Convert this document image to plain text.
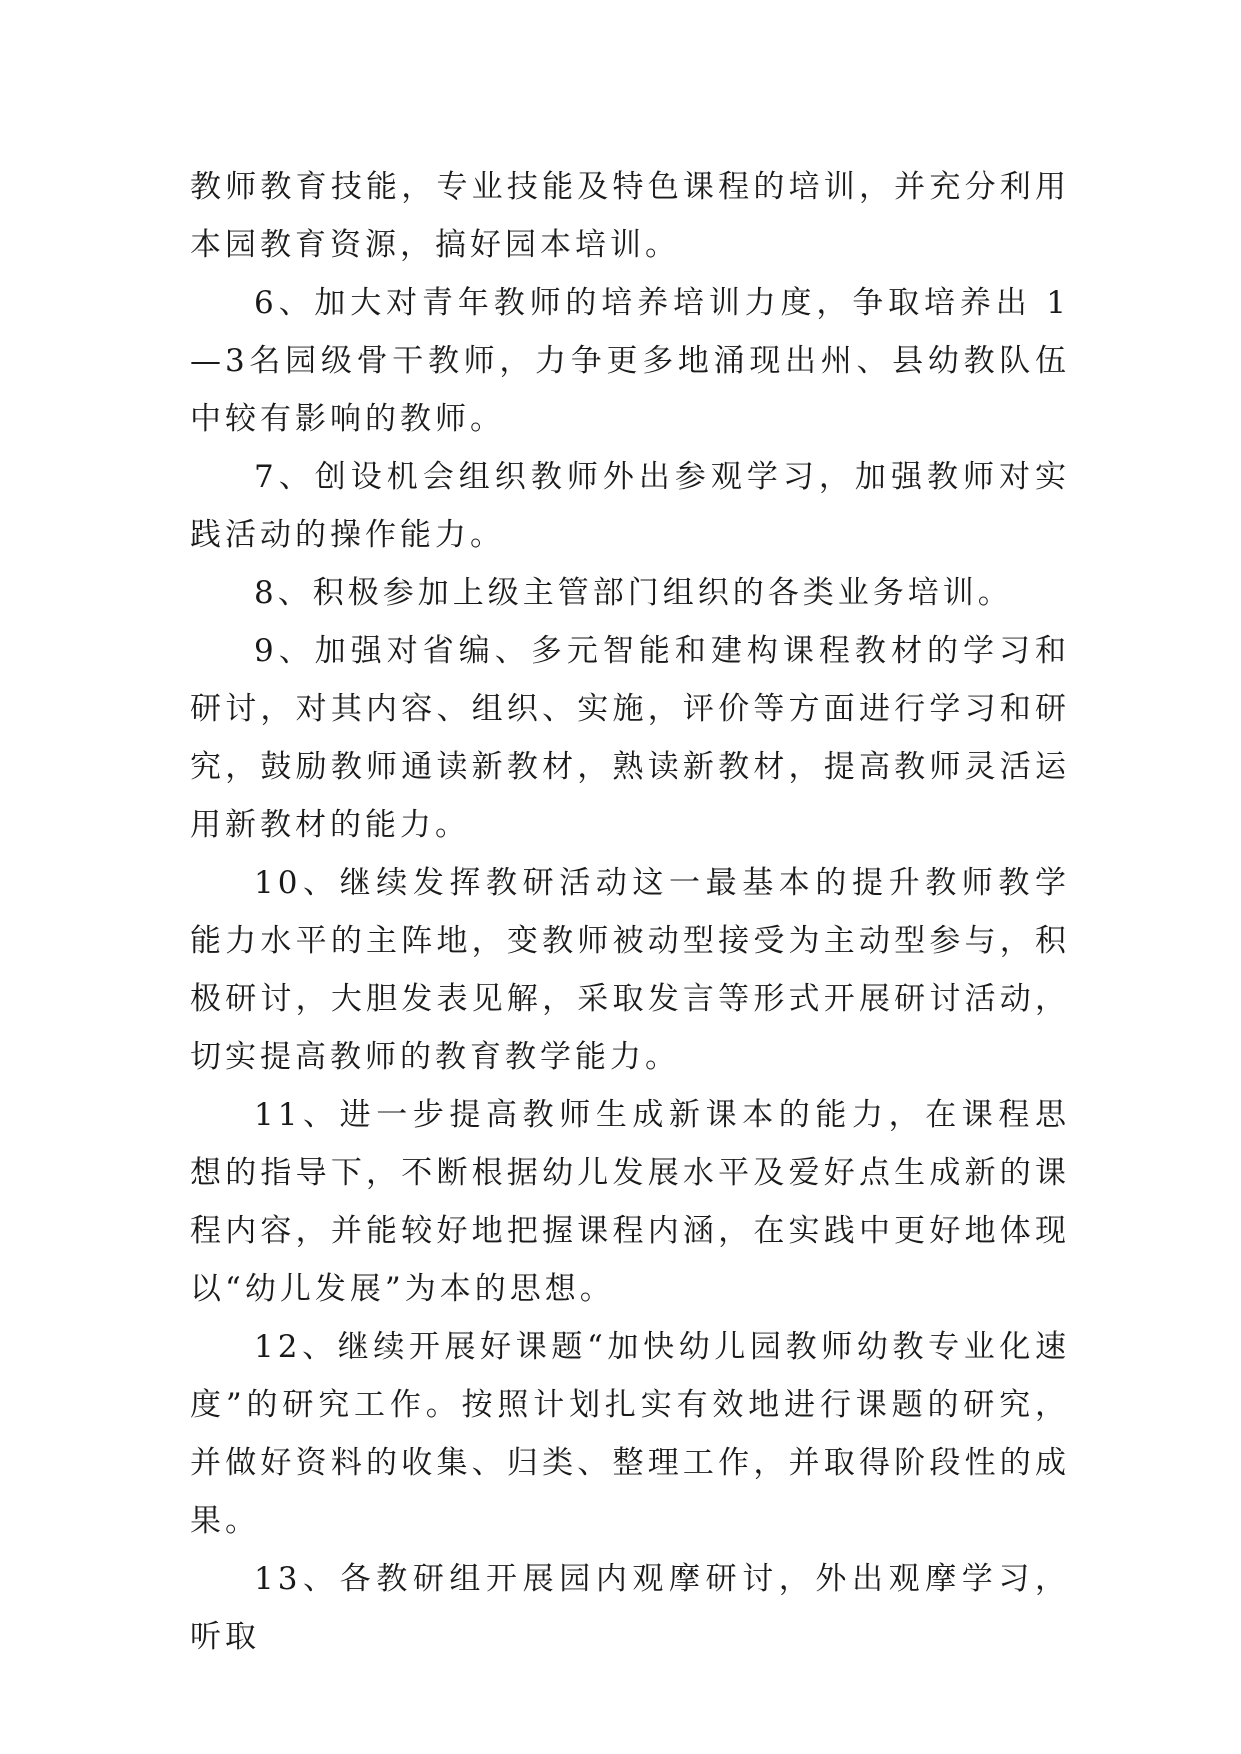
教师教育技能，专业技能及特色课程的培训，并充分利用本园教育资源，搞好园本培训。

6、加大对青年教师的培养培训力度，争取培养出 1—3名园级骨干教师，力争更多地涌现出州、县幼教队伍中较有影响的教师。

7、创设机会组织教师外出参观学习，加强教师对实践活动的操作能力。

8、积极参加上级主管部门组织的各类业务培训。

9、加强对省编、多元智能和建构课程教材的学习和研讨，对其内容、组织、实施，评价等方面进行学习和研究，鼓励教师通读新教材，熟读新教材，提高教师灵活运用新教材的能力。

10、继续发挥教研活动这一最基本的提升教师教学能力水平的主阵地，变教师被动型接受为主动型参与，积极研讨，大胆发表见解，采取发言等形式开展研讨活动，切实提高教师的教育教学能力。

11、进一步提高教师生成新课本的能力，在课程思想的指导下，不断根据幼儿发展水平及爱好点生成新的课程内容，并能较好地把握课程内涵，在实践中更好地体现以“幼儿发展”为本的思想。

12、继续开展好课题“加快幼儿园教师幼教专业化速度”的研究工作。按照计划扎实有效地进行课题的研究，并做好资料的收集、归类、整理工作，并取得阶段性的成果。

13、各教研组开展园内观摩研讨，外出观摩学习，听取
